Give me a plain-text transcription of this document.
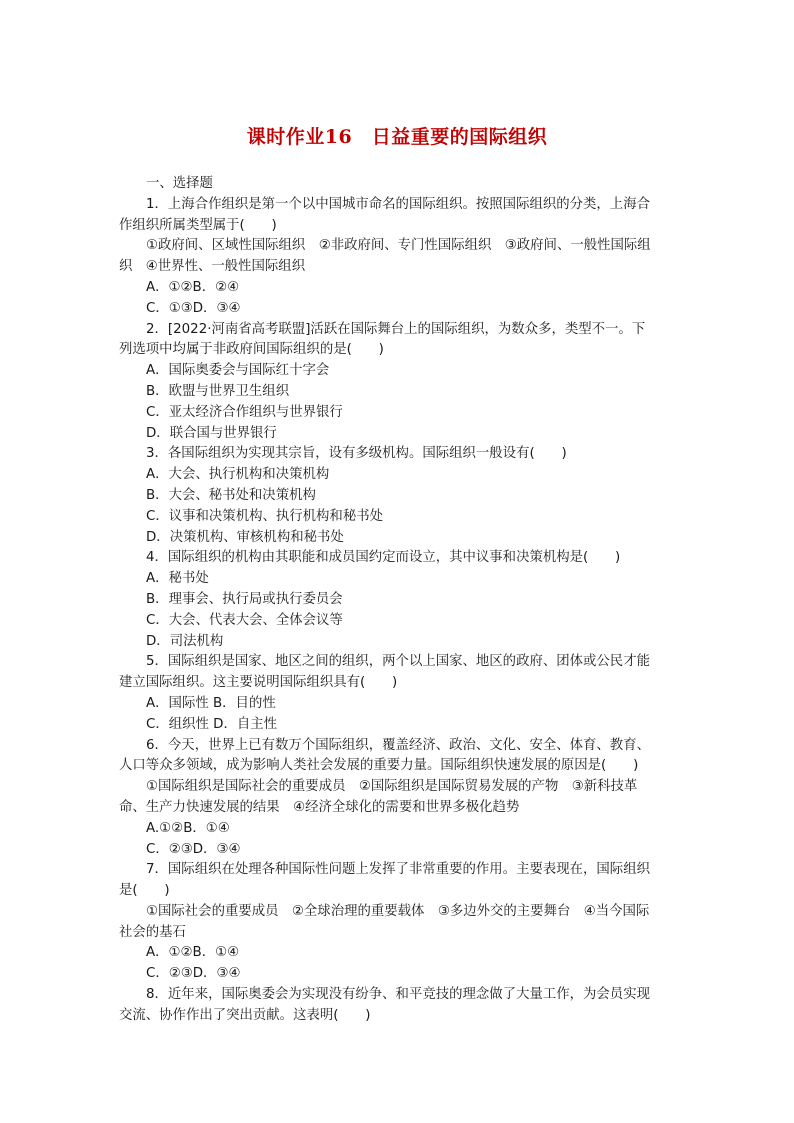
课时作业16　日益重要的国际组织
一、选择题
1．上海合作组织是第一个以中国城市命名的国际组织。按照国际组织的分类，上海合
作组织所属类型属于(　　)
①政府间、区域性国际组织　②非政府间、专门性国际组织　③政府间、一般性国际组
织　④世界性、一般性国际组织
A．①②B．②④
C．①③D．③④
2．[2022·河南省高考联盟]活跃在国际舞台上的国际组织，为数众多，类型不一。下
列选项中均属于非政府间国际组织的是(　　)
A．国际奥委会与国际红十字会
B．欧盟与世界卫生组织
C．亚太经济合作组织与世界银行
D．联合国与世界银行
3．各国际组织为实现其宗旨，设有多级机构。国际组织一般设有(　　)
A．大会、执行机构和决策机构
B．大会、秘书处和决策机构
C．议事和决策机构、执行机构和秘书处
D．决策机构、审核机构和秘书处
4．国际组织的机构由其职能和成员国约定而设立，其中议事和决策机构是(　　)
A．秘书处
B．理事会、执行局或执行委员会
C．大会、代表大会、全体会议等
D．司法机构
5．国际组织是国家、地区之间的组织，两个以上国家、地区的政府、团体或公民才能
建立国际组织。这主要说明国际组织具有(　　)
A．国际性 B．目的性
C．组织性 D．自主性
6．今天，世界上已有数万个国际组织，覆盖经济、政治、文化、安全、体育、教育、
人口等众多领域，成为影响人类社会发展的重要力量。国际组织快速发展的原因是(　　)
①国际组织是国际社会的重要成员　②国际组织是国际贸易发展的产物　③新科技革
命、生产力快速发展的结果　④经济全球化的需要和世界多极化趋势
A.①②B．①④
C．②③D．③④
7．国际组织在处理各种国际性问题上发挥了非常重要的作用。主要表现在，国际组织
是(　　)
①国际社会的重要成员　②全球治理的重要载体　③多边外交的主要舞台　④当今国际
社会的基石
A．①②B．①④
C．②③D．③④
8．近年来，国际奥委会为实现没有纷争、和平竞技的理念做了大量工作，为会员实现
交流、协作作出了突出贡献。这表明(　　)
